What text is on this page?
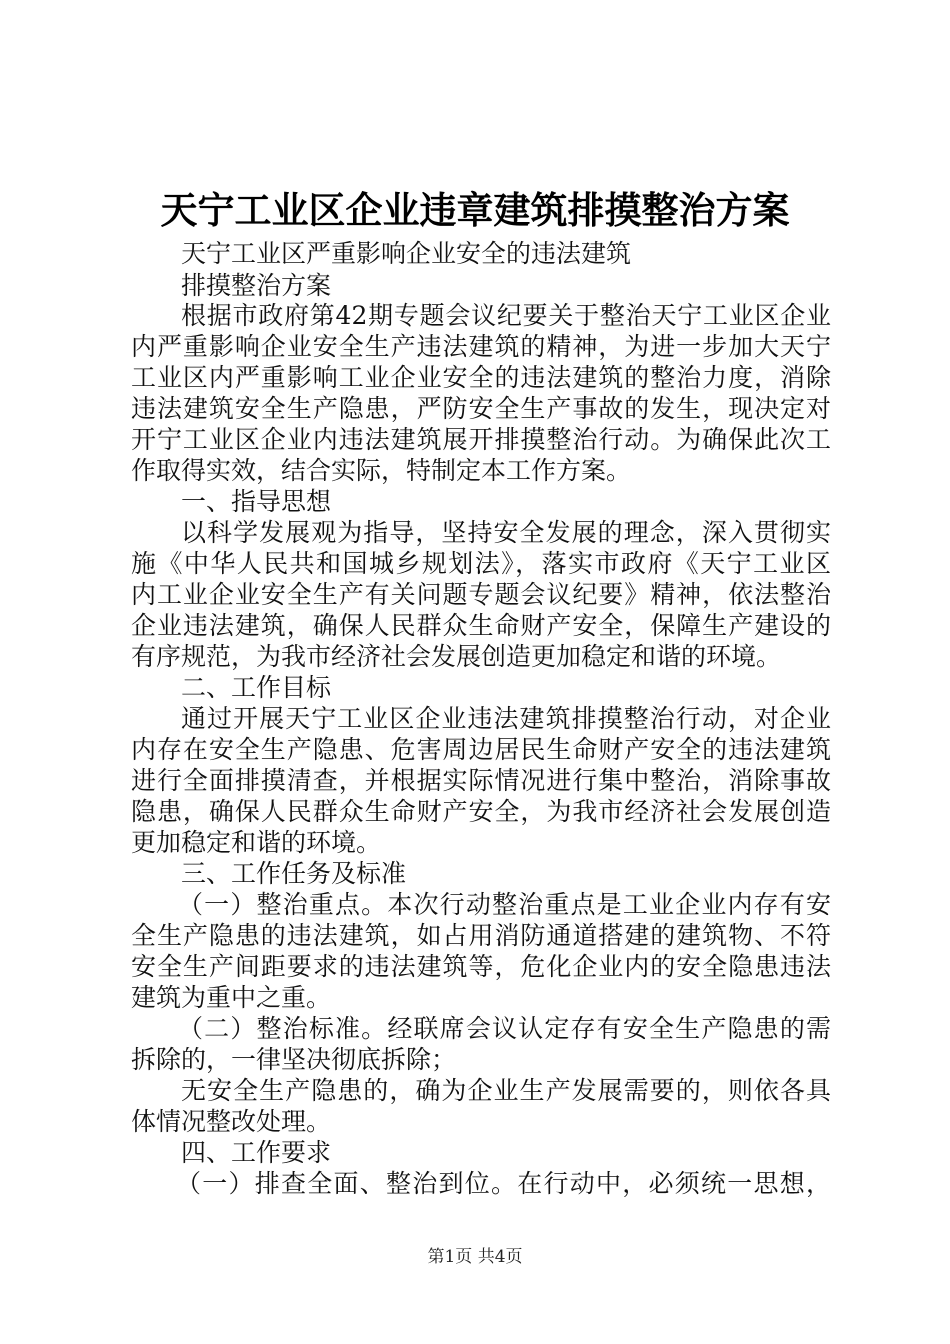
天宁工业区企业违章建筑排摸整治方案
天宁工业区严重影响企业安全的违法建筑
排摸整治方案
根据市政府第42期专题会议纪要关于整治天宁工业区企业
内严重影响企业安全生产违法建筑的精神，为进一步加大天宁
工业区内严重影响工业企业安全的违法建筑的整治力度，消除
违法建筑安全生产隐患，严防安全生产事故的发生，现决定对
开宁工业区企业内违法建筑展开排摸整治行动。为确保此次工
作取得实效，结合实际，特制定本工作方案。
一、指导思想
以科学发展观为指导，坚持安全发展的理念，深入贯彻实
施《中华人民共和国城乡规划法》，落实市政府《天宁工业区
内工业企业安全生产有关问题专题会议纪要》精神，依法整治
企业违法建筑，确保人民群众生命财产安全，保障生产建设的
有序规范，为我市经济社会发展创造更加稳定和谐的环境。
二、工作目标
通过开展天宁工业区企业违法建筑排摸整治行动，对企业
内存在安全生产隐患、危害周边居民生命财产安全的违法建筑
进行全面排摸清查，并根据实际情况进行集中整治，消除事故
隐患，确保人民群众生命财产安全，为我市经济社会发展创造
更加稳定和谐的环境。
三、工作任务及标准
（一）整治重点。本次行动整治重点是工业企业内存有安
全生产隐患的违法建筑，如占用消防通道搭建的建筑物、不符
安全生产间距要求的违法建筑等，危化企业内的安全隐患违法
建筑为重中之重。
（二）整治标准。经联席会议认定存有安全生产隐患的需
拆除的，一律坚决彻底拆除；
无安全生产隐患的，确为企业生产发展需要的，则依各具
体情况整改处理。
四、工作要求
（一）排查全面、整治到位。在行动中，必须统一思想，
第1页 共4页
